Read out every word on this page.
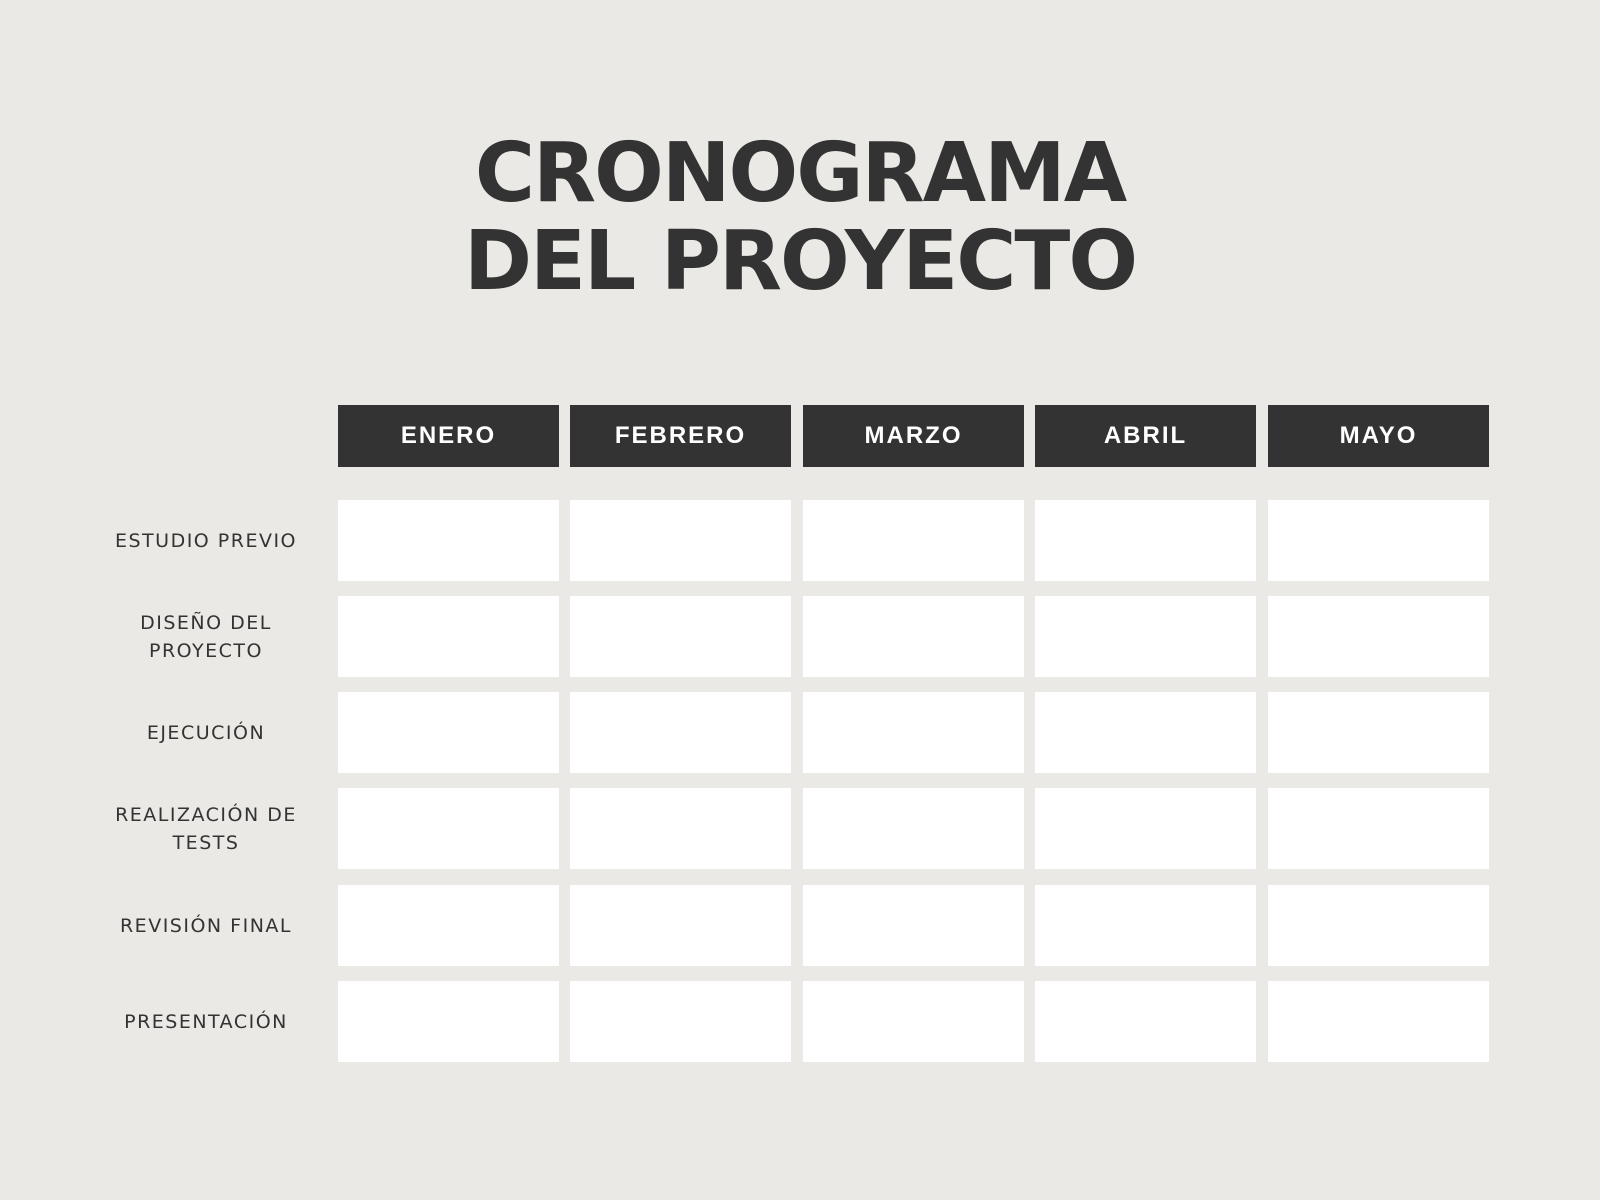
CRONOGRAMA
DEL PROYECTO
ENERO	FEBRERO	MARZO	ABRIL	MAYO
ESTUDIO PREVIO
DISEÑO DEL PROYECTO
EJECUCIÓN
REALIZACIÓN DE TESTS
REVISIÓN FINAL
PRESENTACIÓN
